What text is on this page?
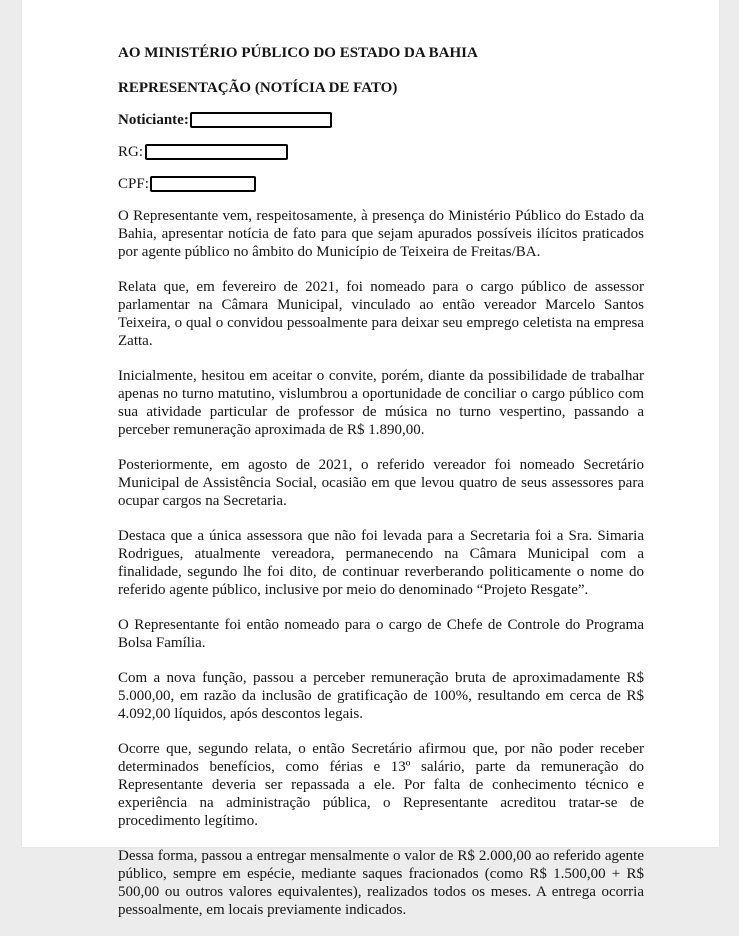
AO MINISTÉRIO PÚBLICO DO ESTADO DA BAHIA
REPRESENTAÇÃO (NOTÍCIA DE FATO)
Noticiante:
RG:
CPF:

O Representante vem, respeitosamente, à presença do Ministério Público do Estado da Bahia, apresentar notícia de fato para que sejam apurados possíveis ilícitos praticados por agente público no âmbito do Município de Teixeira de Freitas/BA.

Relata que, em fevereiro de 2021, foi nomeado para o cargo público de assessor parlamentar na Câmara Municipal, vinculado ao então vereador Marcelo Santos Teixeira, o qual o convidou pessoalmente para deixar seu emprego celetista na empresa Zatta.

Inicialmente, hesitou em aceitar o convite, porém, diante da possibilidade de trabalhar apenas no turno matutino, vislumbrou a oportunidade de conciliar o cargo público com sua atividade particular de professor de música no turno vespertino, passando a perceber remuneração aproximada de R$ 1.890,00.

Posteriormente, em agosto de 2021, o referido vereador foi nomeado Secretário Municipal de Assistência Social, ocasião em que levou quatro de seus assessores para ocupar cargos na Secretaria.

Destaca que a única assessora que não foi levada para a Secretaria foi a Sra. Simaria Rodrigues, atualmente vereadora, permanecendo na Câmara Municipal com a finalidade, segundo lhe foi dito, de continuar reverberando politicamente o nome do referido agente público, inclusive por meio do denominado “Projeto Resgate”.

O Representante foi então nomeado para o cargo de Chefe de Controle do Programa Bolsa Família.

Com a nova função, passou a perceber remuneração bruta de aproximadamente R$ 5.000,00, em razão da inclusão de gratificação de 100%, resultando em cerca de R$ 4.092,00 líquidos, após descontos legais.

Ocorre que, segundo relata, o então Secretário afirmou que, por não poder receber determinados benefícios, como férias e 13º salário, parte da remuneração do Representante deveria ser repassada a ele. Por falta de conhecimento técnico e experiência na administração pública, o Representante acreditou tratar-se de procedimento legítimo.

Dessa forma, passou a entregar mensalmente o valor de R$ 2.000,00 ao referido agente público, sempre em espécie, mediante saques fracionados (como R$ 1.500,00 + R$ 500,00 ou outros valores equivalentes), realizados todos os meses. A entrega ocorria pessoalmente, em locais previamente indicados.
